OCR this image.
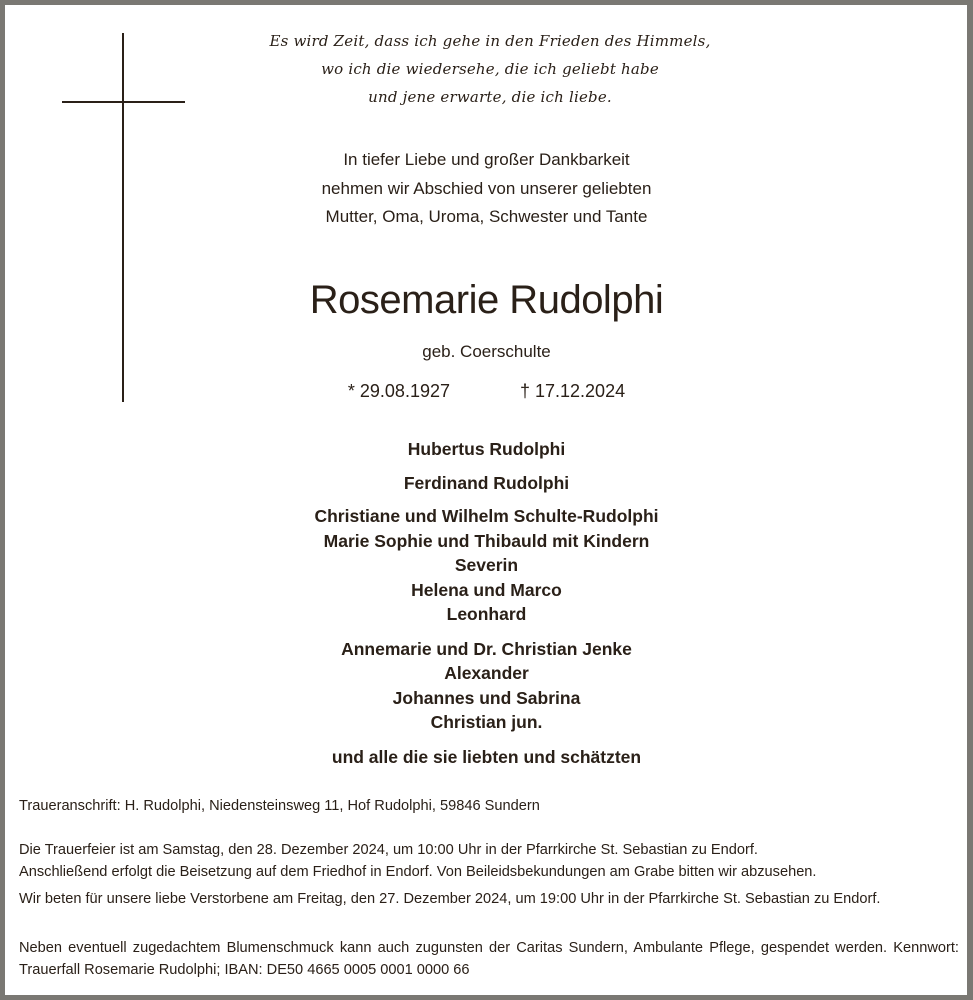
Es wird Zeit, dass ich gehe in den Frieden des Himmels,
wo ich die wiedersehe, die ich geliebt habe
und jene erwarte, die ich liebe.
In tiefer Liebe und großer Dankbarkeit
nehmen wir Abschied von unserer geliebten
Mutter, Oma, Uroma, Schwester und Tante
Rosemarie Rudolphi
geb. Coerschulte
* 29.08.1927	† 17.12.2024
Hubertus Rudolphi
Ferdinand Rudolphi
Christiane und Wilhelm Schulte-Rudolphi
Marie Sophie und Thibauld mit Kindern
Severin
Helena und Marco
Leonhard
Annemarie und Dr. Christian Jenke
Alexander
Johannes und Sabrina
Christian jun.
und alle die sie liebten und schätzten
Traueranschrift: H. Rudolphi, Niedensteinsweg 11, Hof Rudolphi, 59846 Sundern
Die Trauerfeier ist am Samstag, den 28. Dezember 2024, um 10:00 Uhr in der Pfarrkirche St. Sebastian zu Endorf.
Anschließend erfolgt die Beisetzung auf dem Friedhof in Endorf. Von Beileidsbekundungen am Grabe bitten wir abzusehen.
Wir beten für unsere liebe Verstorbene am Freitag, den 27. Dezember 2024, um 19:00 Uhr in der Pfarrkirche St. Sebastian zu Endorf.
Neben eventuell zugedachtem Blumenschmuck kann auch zugunsten der Caritas Sundern, Ambulante Pflege, gespendet werden. Kennwort: Trauerfall Rosemarie Rudolphi; IBAN: DE50 4665 0005 0001 0000 66
